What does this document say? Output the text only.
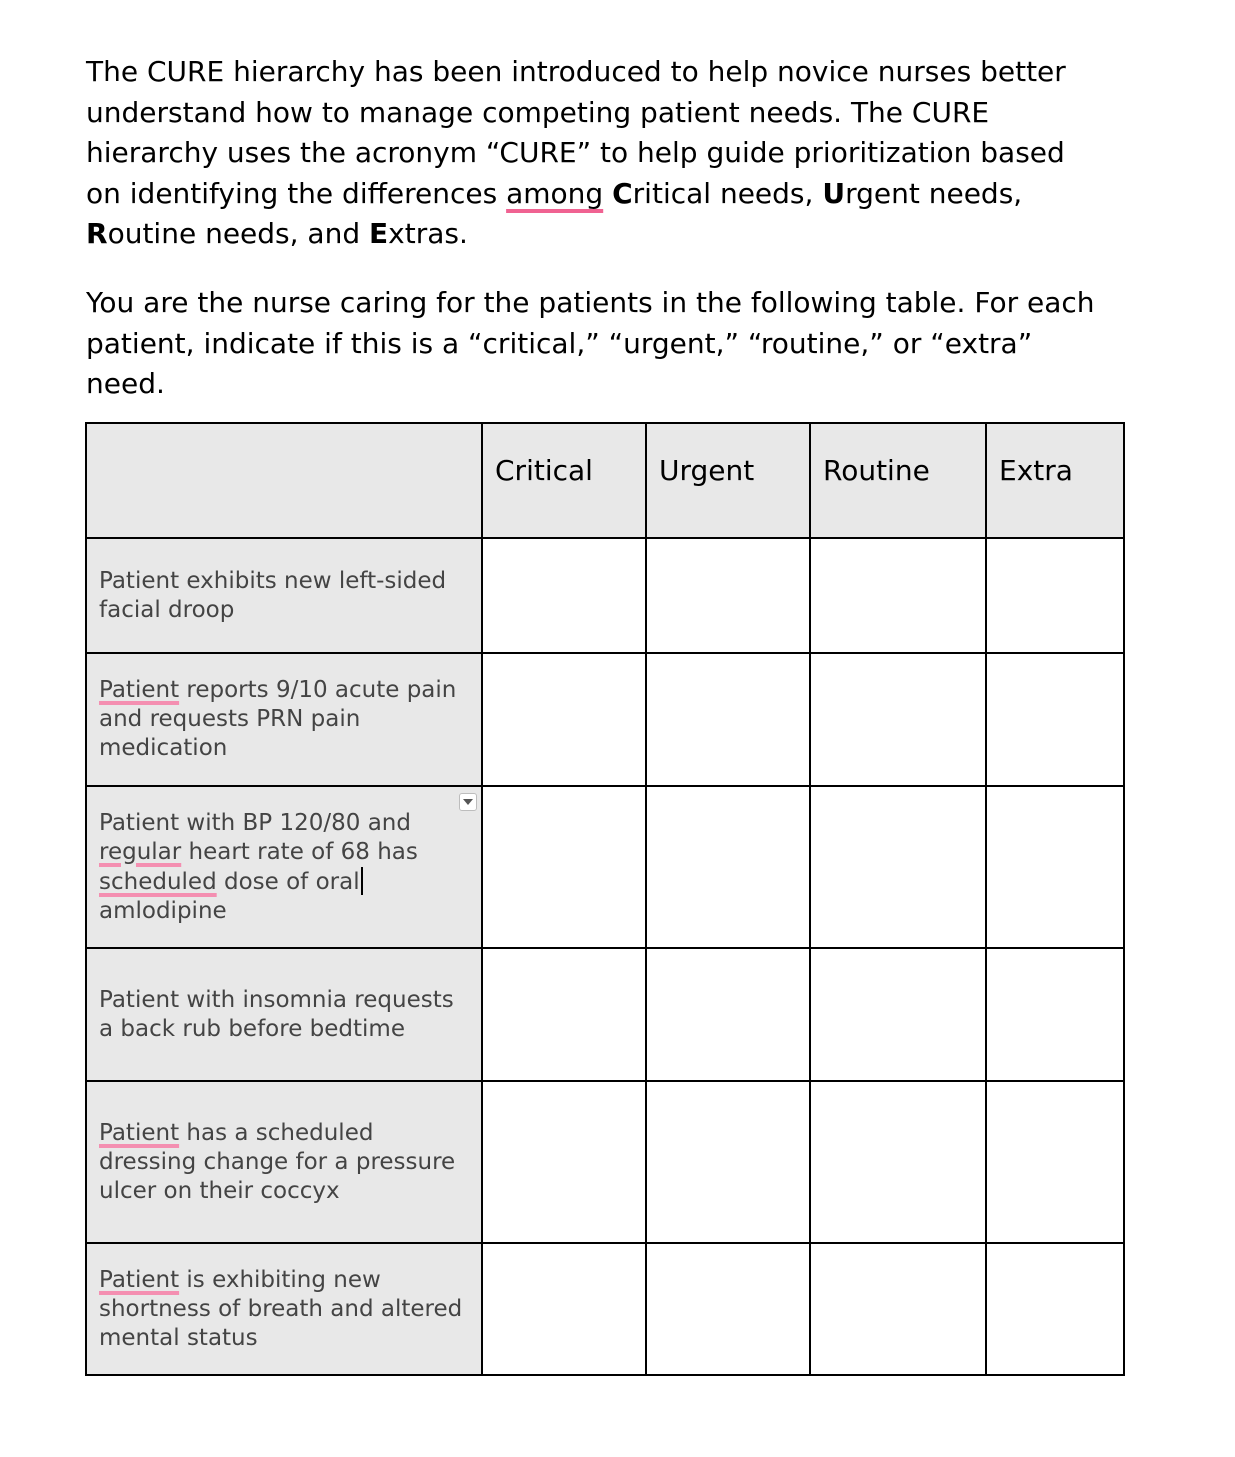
The CURE hierarchy has been introduced to help novice nurses better understand how to manage competing patient needs. The CURE hierarchy uses the acronym “CURE” to help guide prioritization based on identifying the differences among Critical needs, Urgent needs, Routine needs, and Extras.

You are the nurse caring for the patients in the following table. For each patient, indicate if this is a “critical,” “urgent,” “routine,” or “extra” need.

	Critical	Urgent	Routine	Extra
Patient exhibits new left-sided facial droop				
Patient reports 9/10 acute pain and requests PRN pain medication				

Patient with BP 120/80 and regular heart rate of 68 has scheduled dose of oral amlodipine				
Patient with insomnia requests a back rub before bedtime				
Patient has a scheduled dressing change for a pressure ulcer on their coccyx				
Patient is exhibiting new shortness of breath and altered mental status				
